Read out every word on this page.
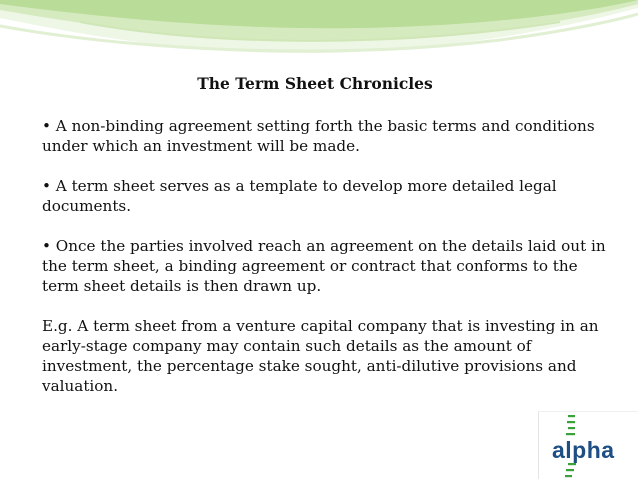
The Term Sheet Chronicles

• A non-binding agreement setting forth the basic terms and conditions under which an investment will be made.

• A term sheet serves as a template to develop more detailed legal documents.

• Once the parties involved reach an agreement on the details laid out in the term sheet, a binding agreement or contract that conforms to the term sheet details is then drawn up.

E.g. A term sheet from a venture capital company that is investing in an early-stage company may contain such details as the amount of investment, the percentage stake sought, anti-dilutive provisions and valuation.

alpha
